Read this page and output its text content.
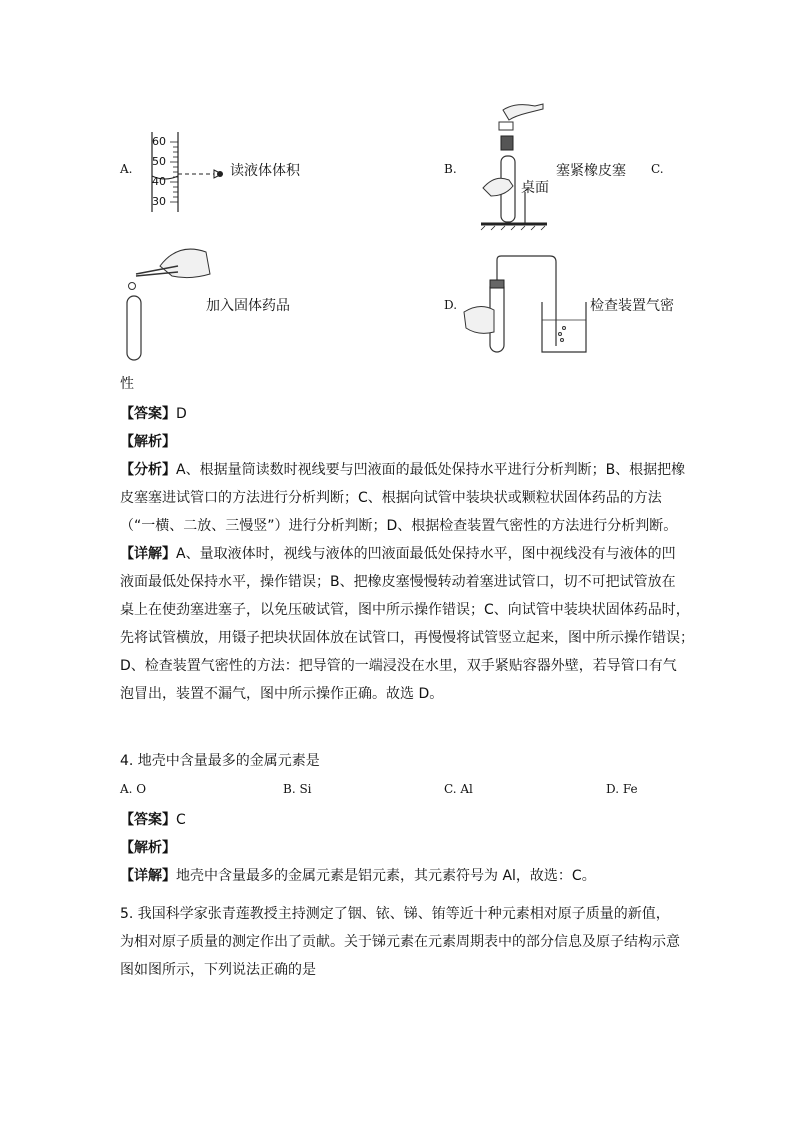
A.
60
50
40
30
读液体体积	B.	塞紧橡皮塞
桌面
C.
加入固体药品	D.	检查装置气密
性
【答案】D
【解析】
【分析】A、根据量筒读数时视线要与凹液面的最低处保持水平进行分析判断；B、根据把橡
皮塞塞进试管口的方法进行分析判断；C、根据向试管中装块状或颗粒状固体药品的方法
（“一横、二放、三慢竖”）进行分析判断；D、根据检查装置气密性的方法进行分析判断。
【详解】A、量取液体时，视线与液体的凹液面最低处保持水平，图中视线没有与液体的凹
液面最低处保持水平，操作错误；B、把橡皮塞慢慢转动着塞进试管口，切不可把试管放在
桌上在使劲塞进塞子，以免压破试管，图中所示操作错误；C、向试管中装块状固体药品时，
先将试管横放，用镊子把块状固体放在试管口，再慢慢将试管竖立起来，图中所示操作错误；
D、检查装置气密性的方法：把导管的一端浸没在水里，双手紧贴容器外壁，若导管口有气
泡冒出，装置不漏气，图中所示操作正确。故选 D。
4. 地壳中含量最多的金属元素是
A. O	B. Si	C. Al	D. Fe
【答案】C
【解析】
【详解】地壳中含量最多的金属元素是铝元素，其元素符号为 Al，故选：C。
5. 我国科学家张青莲教授主持测定了铟、铱、锑、铕等近十种元素相对原子质量的新值，
为相对原子质量的测定作出了贡献。关于锑元素在元素周期表中的部分信息及原子结构示意
图如图所示，下列说法正确的是
